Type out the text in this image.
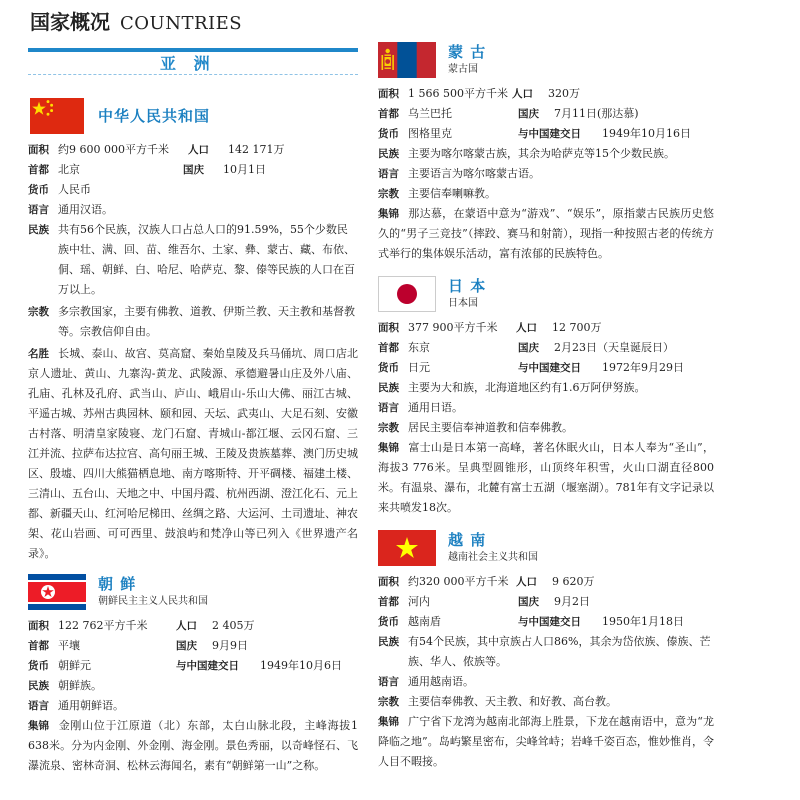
国家概况 COUNTRIES
亚 洲
中华人民共和国
面积 约9 600 000平方千米	人口	142 171万
首都 北京	国庆	10月1日
货币 人民币
语言 通用汉语。
民族 共有56个民族，汉族人口占总人口的91.59%，55个少数民族中壮、满、回、苗、维吾尔、土家、彝、蒙古、藏、布依、侗、瑶、朝鲜、白、哈尼、哈萨克、黎、傣等民族的人口在百万以上。
宗教 多宗教国家，主要有佛教、道教、伊斯兰教、天主教和基督教等。宗教信仰自由。
名胜 长城、泰山、故宫、莫高窟、秦始皇陵及兵马俑坑、周口店北京人遗址、黄山、九寨沟-黄龙、武陵源、承德避暑山庄及外八庙、孔庙、孔林及孔府、武当山、庐山、峨眉山-乐山大佛、丽江古城、平遥古城、苏州古典园林、颐和园、天坛、武夷山、大足石刻、安徽古村落、明清皇家陵寝、龙门石窟、青城山-都江堰、云冈石窟、三江并流、拉萨布达拉宫、高句丽王城、王陵及贵族墓葬、澳门历史城区、殷墟、四川大熊猫栖息地、南方喀斯特、开平碉楼、福建土楼、三清山、五台山、天地之中、中国丹霞、杭州西湖、澄江化石、元上都、新疆天山、红河哈尼梯田、丝绸之路、大运河、土司遗址、神农架、花山岩画、可可西里、鼓浪屿和梵净山等已列入《世界遗产名录》。
朝 鲜
朝鲜民主主义人民共和国
面积 122 762平方千米	人口	2 405万
首都 平壤	国庆	9月9日
货币 朝鲜元	与中国建交日	1949年10月6日
民族 朝鲜族。
语言 通用朝鲜语。
集锦 金刚山位于江原道（北）东部，太白山脉北段，主峰海拔1 638米。分为内金刚、外金刚、海金刚。景色秀丽，以奇峰怪石、飞瀑流泉、密林奇洞、松林云海闻名，素有“朝鲜第一山”之称。
蒙 古
蒙古国
面积 1 566 500平方千米 人口	320万
首都 乌兰巴托	国庆	7月11日(那达慕)
货币 图格里克	与中国建交日	1949年10月16日
民族 主要为喀尔喀蒙古族，其余为哈萨克等15个少数民族。
语言 主要语言为喀尔喀蒙古语。
宗教 主要信奉喇嘛教。
集锦 那达慕，在蒙语中意为“游戏”、“娱乐”，原指蒙古民族历史悠久的“男子三竞技”（摔跤、赛马和射箭），现指一种按照古老的传统方式举行的集体娱乐活动，富有浓郁的民族特色。
日 本
日本国
面积 377 900平方千米	人口	12 700万
首都 东京	国庆	2月23日（天皇诞辰日）
货币 日元	与中国建交日	1972年9月29日
民族 主要为大和族，北海道地区约有1.6万阿伊努族。
语言 通用日语。
宗教 居民主要信奉神道教和信奉佛教。
集锦 富士山是日本第一高峰，著名休眠火山，日本人奉为“圣山”，海拔3 776米。呈典型圆锥形，山顶终年积雪，火山口湖直径8​00米。有温泉、瀑布，北麓有富士五湖（堰塞湖）。781年有文字记录以来共喷发18次。
越 南
越南社会主义共和国
面积 约320 000平方千米 人口	9 620万
首都 河内	国庆	9月2日
货币 越南盾	与中国建交日	1950年1月18日
民族 有54个民族，其中京族占人口86%，其余为岱依族、傣族、芒族、华人、侬族等。
语言 通用越南语。
宗教 主要信奉佛教、天主教、和好教、高台教。
集锦 广宁省下龙湾为越南北部海上胜景，下龙在越南语中，意为“龙降临之地”。岛屿繁星密布，尖峰耸峙；岩峰千姿百态，惟妙惟肖，令人目不暇接。
